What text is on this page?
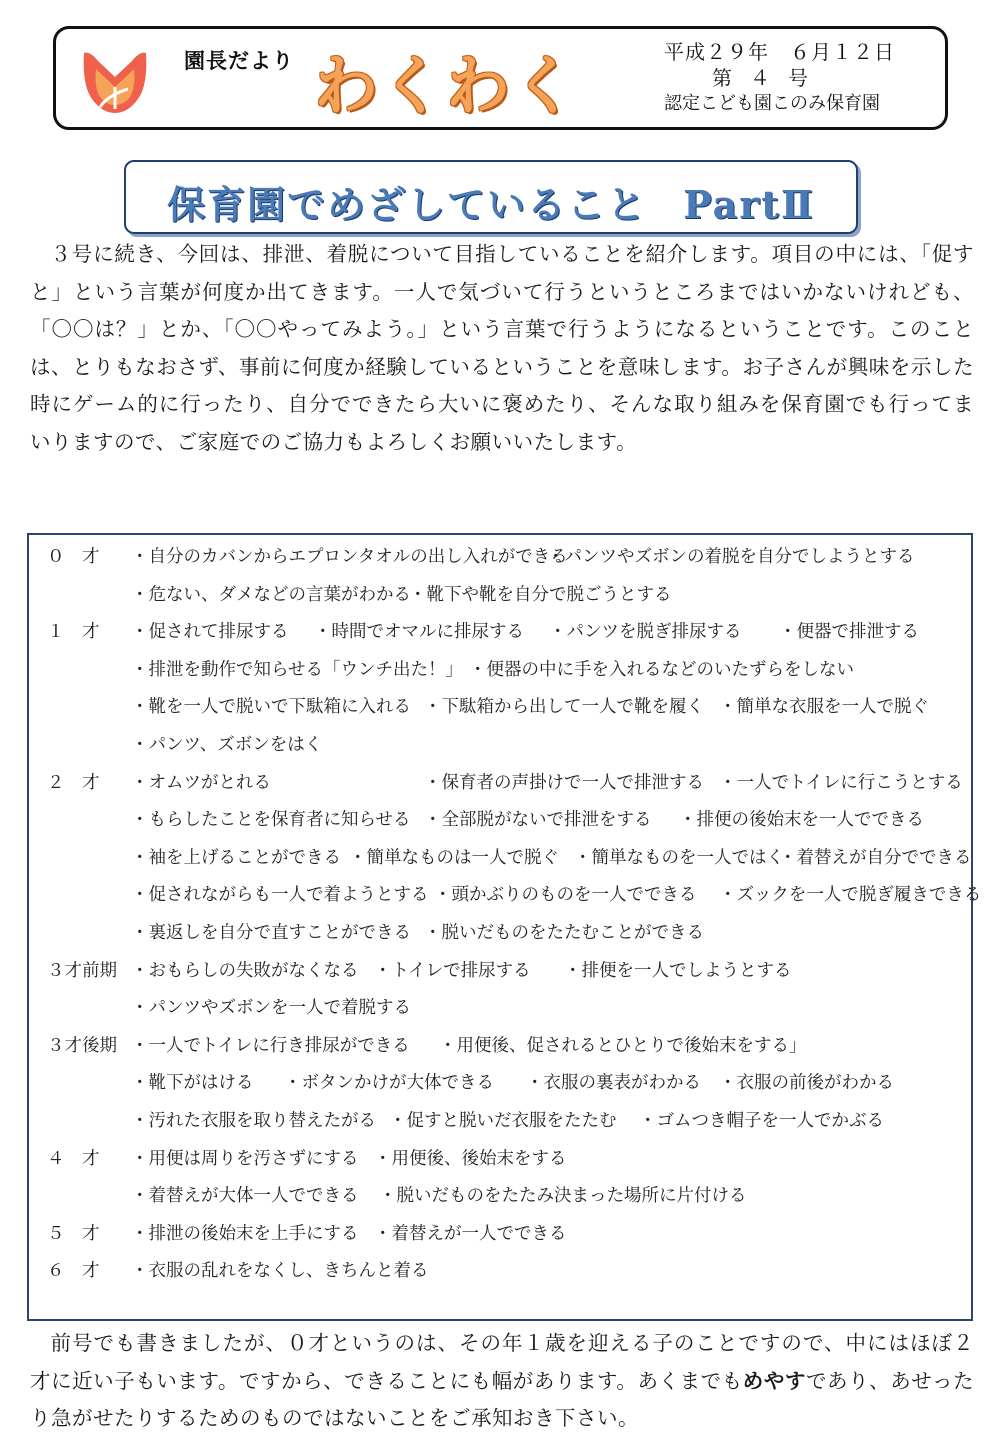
園長だより わくわく	平成２９年　６月１２日
第４号
認定こども園このみ保育園
保育園でめざしていること PartⅡ
３号に続き、今回は、排泄、着脱について目指していることを紹介します。項目の中には、「促すと」という言葉が何度か出てきます。一人で気づいて行うというところまではいかないけれども、「〇〇は？」とか、「〇〇やってみよう。」という言葉で行うようになるということです。このことは、とりもなおさず、事前に何度か経験しているということを意味します。お子さんが興味を示した時にゲーム的に行ったり、自分でできたら大いに褒めたり、そんな取り組みを保育園でも行ってまいりますので、ご家庭でのご協力もよろしくお願いいたします。
０　才 ・自分のカバンからエプロンタオルの出し入れができる
・パンツやズボンの着脱を自分でしようとする
・危ない、ダメなどの言葉がわかる
・靴下や靴を自分で脱ごうとする
１　才 ・促されて排尿する ・時間でオマルに排尿する ・パンツを脱ぎ排尿する ・便器で排泄する
・排泄を動作で知らせる「ウンチ出た！」 ・便器の中に手を入れるなどのいたずらをしない
・靴を一人で脱いで下駄箱に入れる ・下駄箱から出して一人で靴を履く ・簡単な衣服を一人で脱ぐ
・パンツ、ズボンをはく
２　才 ・オムツがとれる	・保育者の声掛けで一人で排泄する ・一人でトイレに行こうとする
・もらしたことを保育者に知らせる ・全部脱がないで排泄をする ・排便の後始末を一人でできる
・袖を上げることができる ・簡単なものは一人で脱ぐ ・簡単なものを一人ではく
・着替えが自分でできる
・促されながらも一人で着ようとする ・頭かぶりのものを一人でできる ・ズックを一人で脱ぎ履きできる
・裏返しを自分で直すことができる ・脱いだものをたたむことができる
３才前期 ・おもらしの失敗がなくなる ・トイレで排尿する ・排便を一人でしようとする
・パンツやズボンを一人で着脱する
３才後期 ・一人でトイレに行き排尿ができる ・用便後、促されるとひとりで後始末をする」
・靴下がはける ・ボタンかけが大体できる ・衣服の裏表がわかる ・衣服の前後がわかる
・汚れた衣服を取り替えたがる ・促すと脱いだ衣服をたたむ ・ゴムつき帽子を一人でかぶる
４　才 ・用便は周りを汚さずにする ・用便後、後始末をする
・着替えが大体一人でできる ・脱いだものをたたみ決まった場所に片付ける
５　才 ・排泄の後始末を上手にする ・着替えが一人でできる
６　才 ・衣服の乱れをなくし、きちんと着る
前号でも書きましたが、０才というのは、その年１歳を迎える子のことですので、中にはほぼ２才に近い子もいます。ですから、できることにも幅があります。あくまでもめやすであり、あせったり急がせたりするためのものではないことをご承知おき下さい。
